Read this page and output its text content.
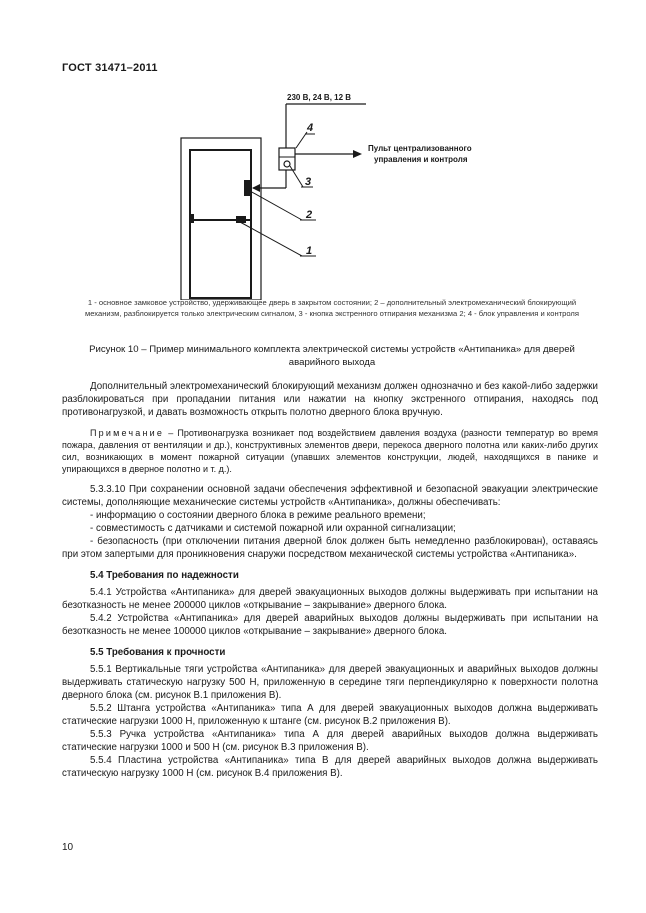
ГОСТ 31471–2011
230 В, 24 В, 12 В
Пульт централизованного
управления и контроля
4
3
2
1
1 - основное замковое устройство, удерживающее дверь в закрытом состоянии; 2 – дополнительный электромеханический блокирующий механизм, разблокируется только электрическим сигналом, 3 - кнопка экстренного отпирания механизма 2; 4 - блок управления и контроля
Рисунок 10 – Пример минимального комплекта электрической системы устройств «Антипаника» для дверей аварийного выхода

Дополнительный электромеханический блокирующий механизм должен однозначно и без какой-либо задержки разблокироваться при пропадании питания или нажатии на кнопку экстренного отпирания, находясь под противонагрузкой, и давать возможность открыть полотно дверного блока вручную.

Примечание – Противонагрузка возникает под воздействием давления воздуха (разности температур во время пожара, давления от вентиляции и др.), конструктивных элементов двери, перекоса дверного полотна или каких-либо других сил, возникающих в момент пожарной ситуации (упавших элементов конструкции, людей, находящихся в панике и упирающихся в дверное полотно и т. д.).

5.3.3.10 При сохранении основной задачи обеспечения эффективной и безопасной эвакуации электрические системы, дополняющие механические системы устройств «Антипаника», должны обеспечивать:

- информацию о состоянии дверного блока в режиме реального времени;

- совместимость с датчиками и системой пожарной или охранной сигнализации;

- безопасность (при отключении питания дверной блок должен быть немедленно разблокирован), оставаясь при этом запертыми для проникновения снаружи посредством механической системы устройства «Антипаника».

5.4 Требования по надежности

5.4.1 Устройства «Антипаника» для дверей эвакуационных выходов должны выдерживать при испытании на безотказность не менее 200000 циклов «открывание – закрывание» дверного блока.

5.4.2 Устройства «Антипаника» для дверей аварийных выходов должны выдерживать при испытании на безотказность не менее 100000 циклов «открывание – закрывание» дверного блока.

5.5 Требования к прочности

5.5.1 Вертикальные тяги устройства «Антипаника» для дверей эвакуационных и аварийных выходов должны выдерживать статическую нагрузку 500 Н, приложенную в середине тяги перпендикулярно к поверхности полотна дверного блока (см. рисунок В.1 приложения В).

5.5.2 Штанга устройства «Антипаника» типа А для дверей эвакуационных выходов должна выдерживать статические нагрузки 1000 Н, приложенную к штанге (см. рисунок В.2 приложения В).

5.5.3 Ручка устройства «Антипаника» типа А для дверей аварийных выходов должна выдерживать статические нагрузки 1000 и 500 Н (см. рисунок В.3 приложения В).

5.5.4 Пластина устройства «Антипаника» типа В для дверей аварийных выходов должна выдерживать статическую нагрузку 1000 Н (см. рисунок В.4 приложения В).

10
